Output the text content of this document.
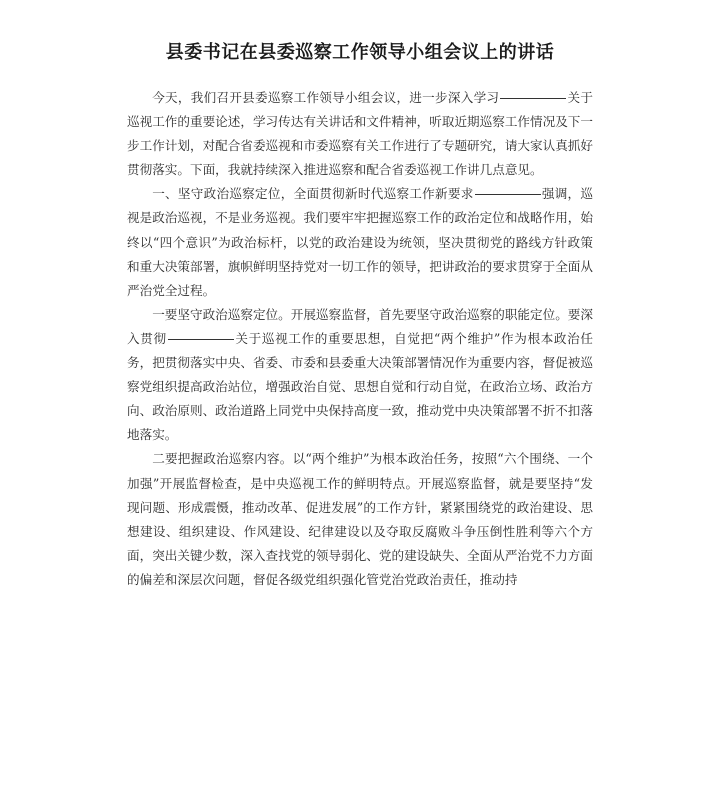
县委书记在县委巡察工作领导小组会议上的讲话

今天，我们召开县委巡察工作领导小组会议，进一步深入学习	关于巡视工作的重要论述，学习传达有关讲话和文件精神，听取近期巡察工作情况及下一步工作计划，对配合省委巡视和市委巡察有关工作进行了专题研究，请大家认真抓好贯彻落实。下面，我就持续深入推进巡察和配合省委巡视工作讲几点意见。

一、坚守政治巡察定位，全面贯彻新时代巡察工作新要求	强调，巡视是政治巡视，不是业务巡视。我们要牢牢把握巡察工作的政治定位和战略作用，始终以“四个意识”为政治标杆，以党的政治建设为统领，坚决贯彻党的路线方针政策和重大决策部署，旗帜鲜明坚持党对一切工作的领导，把讲政治的要求贯穿于全面从严治党全过程。

一要坚守政治巡察定位。开展巡察监督，首先要坚守政治巡察的职能定位。要深入贯彻	关于巡视工作的重要思想，自觉把“两个维护”作为根本政治任务，把贯彻落实中央、省委、市委和县委重大决策部署情况作为重要内容，督促被巡察党组织提高政治站位，增强政治自觉、思想自觉和行动自觉，在政治立场、政治方向、政治原则、政治道路上同党中央保持高度一致，推动党中央决策部署不折不扣落地落实。

二要把握政治巡察内容。以“两个维护”为根本政治任务，按照“六个围绕、一个加强”开展监督检查，是中央巡视工作的鲜明特点。开展巡察监督，就是要坚持“发现问题、形成震慑，推动改革、促进发展”的工作方针，紧紧围绕党的政治建设、思想建设、组织建设、作风建设、纪律建设以及夺取反腐败斗争压倒性胜利等六个方面，突出关键少数，深入查找党的领导弱化、党的建设缺失、全面从严治党不力方面的偏差和深层次问题，督促各级党组织强化管党治党政治责任，推动持
